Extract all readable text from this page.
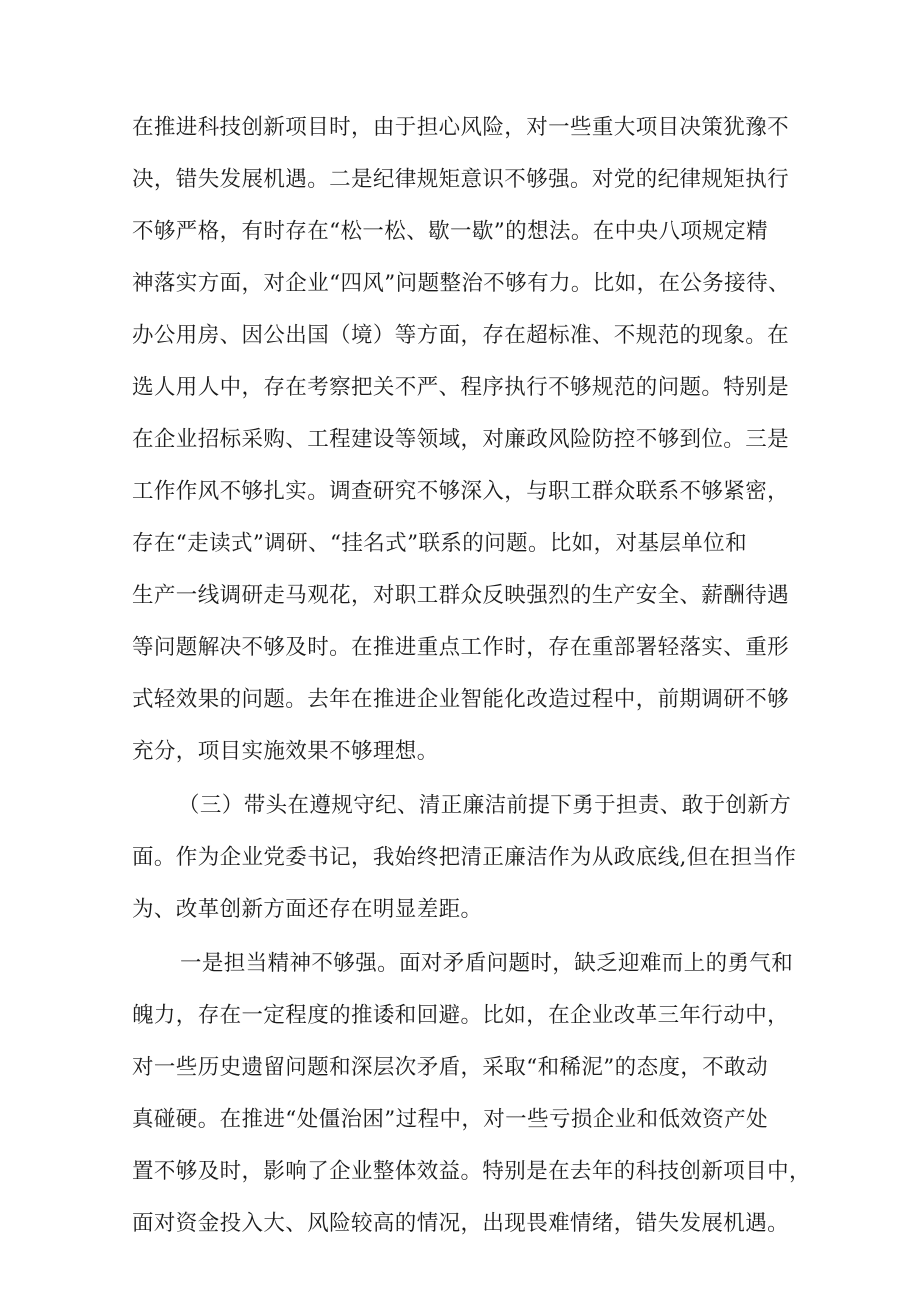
在推进科技创新项目时，由于担心风险，对一些重大项目决策犹豫不
决，错失发展机遇。二是纪律规矩意识不够强。对党的纪律规矩执行
不够严格，有时存在“松一松、歇一歇”的想法。在中央八项规定精
神落实方面，对企业“四风”问题整治不够有力。比如，在公务接待、
办公用房、因公出国（境）等方面，存在超标准、不规范的现象。在
选人用人中，存在考察把关不严、程序执行不够规范的问题。特别是
在企业招标采购、工程建设等领域，对廉政风险防控不够到位。三是
工作作风不够扎实。调查研究不够深入，与职工群众联系不够紧密，
存在“走读式”调研、“挂名式”联系的问题。比如，对基层单位和
生产一线调研走马观花，对职工群众反映强烈的生产安全、薪酬待遇
等问题解决不够及时。在推进重点工作时，存在重部署轻落实、重形
式轻效果的问题。去年在推进企业智能化改造过程中，前期调研不够
充分，项目实施效果不够理想。
（三）带头在遵规守纪、清正廉洁前提下勇于担责、敢于创新方
面。作为企业党委书记，我始终把清正廉洁作为从政底线,但在担当作
为、改革创新方面还存在明显差距。
一是担当精神不够强。面对矛盾问题时，缺乏迎难而上的勇气和
魄力，存在一定程度的推诿和回避。比如，在企业改革三年行动中，
对一些历史遗留问题和深层次矛盾，采取“和稀泥”的态度，不敢动
真碰硬。在推进“处僵治困”过程中，对一些亏损企业和低效资产处
置不够及时，影响了企业整体效益。特别是在去年的科技创新项目中，
面对资金投入大、风险较高的情况，出现畏难情绪，错失发展机遇。
